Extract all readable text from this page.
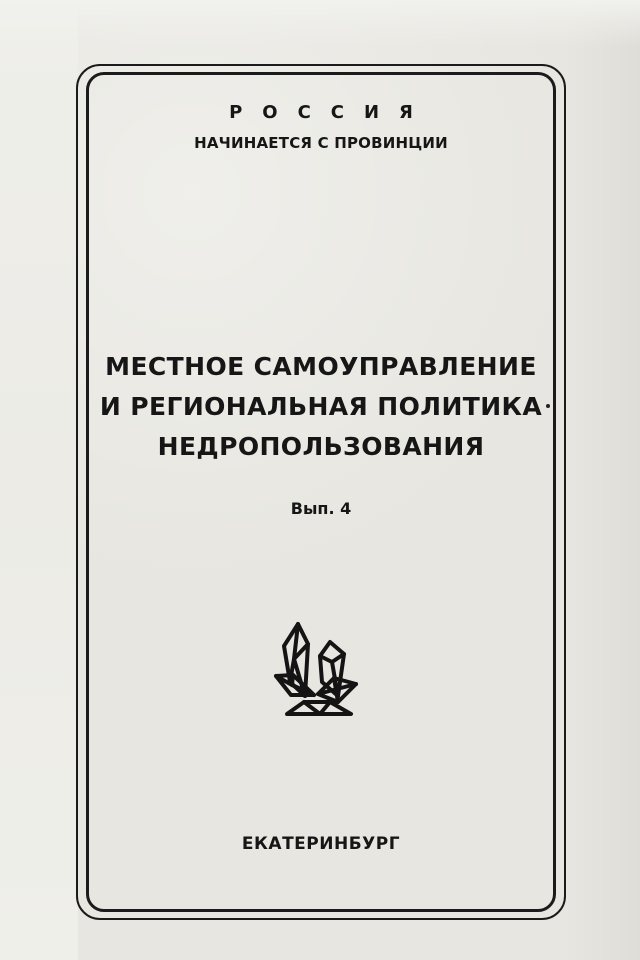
РОССИЯ
НАЧИНАЕТСЯ С ПРОВИНЦИИ
МЕСТНОЕ САМОУПРАВЛЕНИЕ
И РЕГИОНАЛЬНАЯ ПОЛИТИКА
НЕДРОПОЛЬЗОВАНИЯ
Вып. 4
ЕКАТЕРИНБУРГ
